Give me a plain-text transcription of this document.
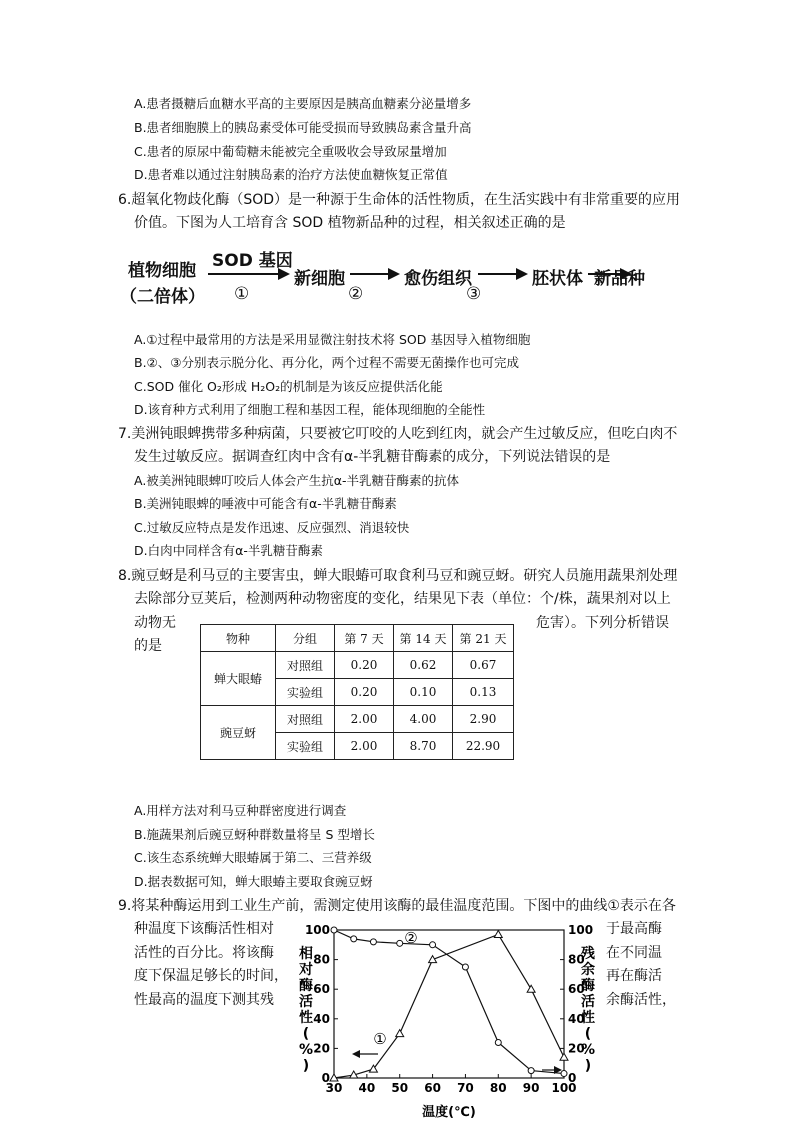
A.患者摄糖后血糖水平高的主要原因是胰高血糖素分泌量增多
B.患者细胞膜上的胰岛素受体可能受损而导致胰岛素含量升高
C.患者的原尿中葡萄糖未能被完全重吸收会导致尿量增加
D.患者难以通过注射胰岛素的治疗方法使血糖恢复正常值
6.超氧化物歧化酶（SOD）是一种源于生命体的活性物质，在生活实践中有非常重要的应用
价值。下图为人工培育含 SOD 植物新品种的过程，相关叙述正确的是
植物细胞
（二倍体）
SOD 基因
①
新细胞
②
愈伤组织
③
胚状体 新品种
A.①过程中最常用的方法是采用显微注射技术将 SOD 基因导入植物细胞
B.②、③分别表示脱分化、再分化，两个过程不需要无菌操作也可完成
C.SOD 催化 O₂形成 H₂O₂的机制是为该反应提供活化能
D.该育种方式利用了细胞工程和基因工程，能体现细胞的全能性
7.美洲钝眼蜱携带多种病菌，只要被它叮咬的人吃到红肉，就会产生过敏反应，但吃白肉不
发生过敏反应。据调查红肉中含有α-半乳糖苷酶素的成分，下列说法错误的是
A.被美洲钝眼蜱叮咬后人体会产生抗α-半乳糖苷酶素的抗体
B.美洲钝眼蜱的唾液中可能含有α-半乳糖苷酶素
C.过敏反应特点是发作迅速、反应强烈、消退较快
D.白肉中同样含有α-半乳糖苷酶素
8.豌豆蚜是利马豆的主要害虫，蝉大眼蝽可取食利马豆和豌豆蚜。研究人员施用蔬果剂处理
去除部分豆荚后，检测两种动物密度的变化，结果见下表（单位：个/株，蔬果剂对以上
动物无	危害）。下列分析错误
的是	物种	分组	第 7 天	第 14 天	第 21 天
蝉大眼蝽	对照组	0.20	0.62	0.67
	实验组	0.20	0.10	0.13
豌豆蚜	对照组	2.00	4.00	2.90
	实验组	2.00	8.70	22.90
A.用样方法对利马豆种群密度进行调查
B.施蔬果剂后豌豆蚜种群数量将呈 S 型增长
C.该生态系统蝉大眼蝽属于第二、三营养级
D.据表数据可知，蝉大眼蝽主要取食豌豆蚜
9.将某种酶运用到工业生产前，需测定使用该酶的最佳温度范围。下图中的曲线①表示在各
种温度下该酶活性相对
活性的百分比。将该酶
度下保温足够长的时间，
性最高的温度下测其残
于最高酶
在不同温
再在酶活
余酶活性，
30 40 50 60 70 80 90 100
0	0
20	20
40	40
60	60
80	80
100	100
相对酶活性( % )
残余酶活性( % )
温度(℃)
①
②
